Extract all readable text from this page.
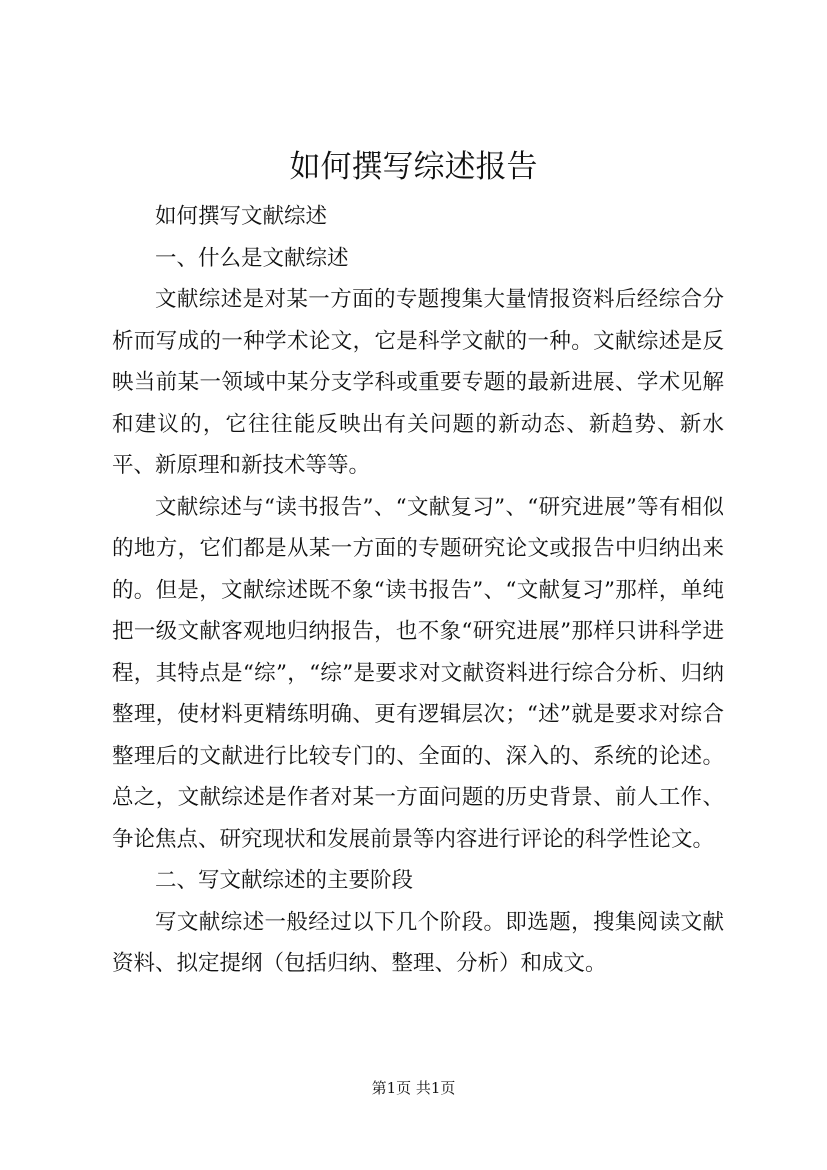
如何撰写综述报告

如何撰写文献综述

一、什么是文献综述

文献综述是对某一方面的专题搜集大量情报资料后经综合分析而写成的一种学术论文，它是科学文献的一种。文献综述是反映当前某一领域中某分支学科或重要专题的最新进展、学术见解和建议的，它往往能反映出有关问题的新动态、新趋势、新水平、新原理和新技术等等。

文献综述与“读书报告”、“文献复习”、“研究进展”等有相似的地方，它们都是从某一方面的专题研究论文或报告中归纳出来的。但是，文献综述既不象“读书报告”、“文献复习”那样，单纯把一级文献客观地归纳报告，也不象“研究进展”那样只讲科学进程，其特点是“综”，“综”是要求对文献资料进行综合分析、归纳整理，使材料更精练明确、更有逻辑层次；“述”就是要求对综合整理后的文献进行比较专门的、全面的、深入的、系统的论述。总之，文献综述是作者对某一方面问题的历史背景、前人工作、争论焦点、研究现状和发展前景等内容进行评论的科学性论文。

二、写文献综述的主要阶段

写文献综述一般经过以下几个阶段。即选题，搜集阅读文献资料、拟定提纲（包括归纳、整理、分析）和成文。

第1页 共1页
